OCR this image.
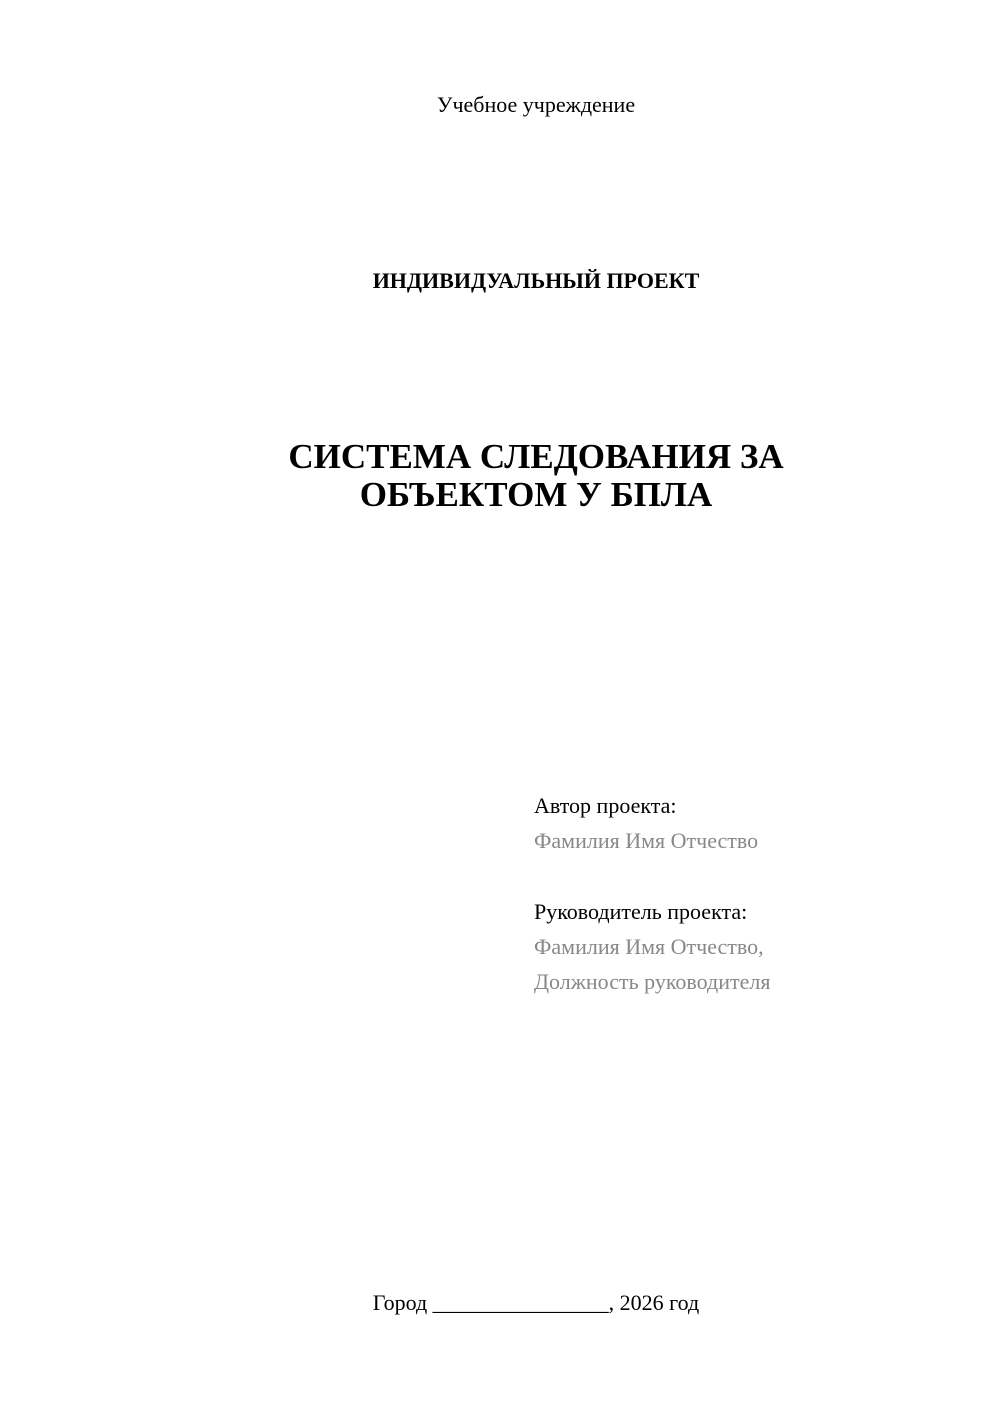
Учебное учреждение
ИНДИВИДУАЛЬНЫЙ ПРОЕКТ
СИСТЕМА СЛЕДОВАНИЯ ЗА
ОБЪЕКТОМ У БПЛА
Автор проекта:
Фамилия Имя Отчество
Руководитель проекта:
Фамилия Имя Отчество,
Должность руководителя
Город ________________, 2026 год
